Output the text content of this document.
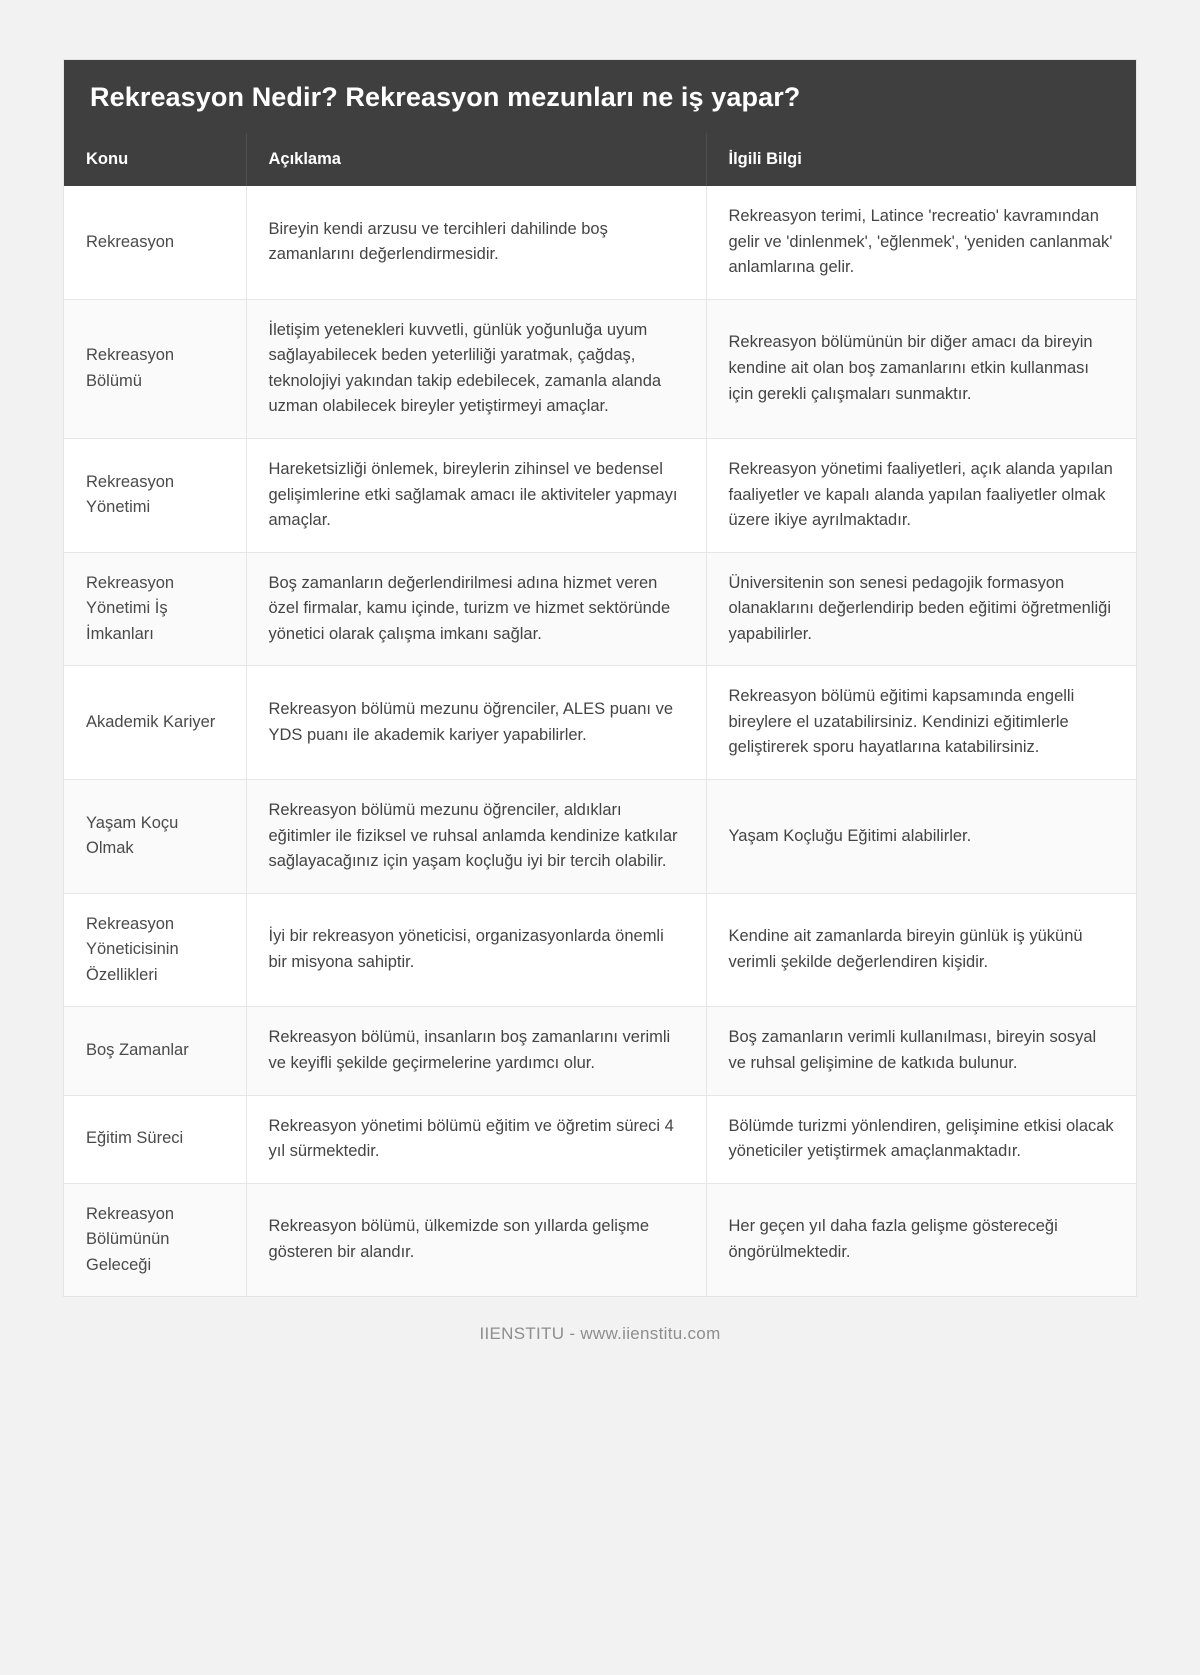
Rekreasyon Nedir? Rekreasyon mezunları ne iş yapar?
Konu	Açıklama	İlgili Bilgi
Rekreasyon	Bireyin kendi arzusu ve tercihleri dahilinde boş zamanlarını değerlendirmesidir.	Rekreasyon terimi, Latince 'recreatio' kavramından gelir ve 'dinlenmek', 'eğlenmek', 'yeniden canlanmak' anlamlarına gelir.
Rekreasyon Bölümü	İletişim yetenekleri kuvvetli, günlük yoğunluğa uyum sağlayabilecek beden yeterliliği yaratmak, çağdaş, teknolojiyi yakından takip edebilecek, zamanla alanda uzman olabilecek bireyler yetiştirmeyi amaçlar.	Rekreasyon bölümünün bir diğer amacı da bireyin kendine ait olan boş zamanlarını etkin kullanması için gerekli çalışmaları sunmaktır.
Rekreasyon Yönetimi	Hareketsizliği önlemek, bireylerin zihinsel ve bedensel gelişimlerine etki sağlamak amacı ile aktiviteler yapmayı amaçlar.	Rekreasyon yönetimi faaliyetleri, açık alanda yapılan faaliyetler ve kapalı alanda yapılan faaliyetler olmak üzere ikiye ayrılmaktadır.
Rekreasyon Yönetimi İş İmkanları	Boş zamanların değerlendirilmesi adına hizmet veren özel firmalar, kamu içinde, turizm ve hizmet sektöründe yönetici olarak çalışma imkanı sağlar.	Üniversitenin son senesi pedagojik formasyon olanaklarını değerlendirip beden eğitimi öğretmenliği yapabilirler.
Akademik Kariyer	Rekreasyon bölümü mezunu öğrenciler, ALES puanı ve YDS puanı ile akademik kariyer yapabilirler.	Rekreasyon bölümü eğitimi kapsamında engelli bireylere el uzatabilirsiniz. Kendinizi eğitimlerle geliştirerek sporu hayatlarına katabilirsiniz.
Yaşam Koçu Olmak	Rekreasyon bölümü mezunu öğrenciler, aldıkları eğitimler ile fiziksel ve ruhsal anlamda kendinize katkılar sağlayacağınız için yaşam koçluğu iyi bir tercih olabilir.	Yaşam Koçluğu Eğitimi alabilirler.
Rekreasyon Yöneticisinin Özellikleri	İyi bir rekreasyon yöneticisi, organizasyonlarda önemli bir misyona sahiptir.	Kendine ait zamanlarda bireyin günlük iş yükünü verimli şekilde değerlendiren kişidir.
Boş Zamanlar	Rekreasyon bölümü, insanların boş zamanlarını verimli ve keyifli şekilde geçirmelerine yardımcı olur.	Boş zamanların verimli kullanılması, bireyin sosyal ve ruhsal gelişimine de katkıda bulunur.
Eğitim Süreci	Rekreasyon yönetimi bölümü eğitim ve öğretim süreci 4 yıl sürmektedir.	Bölümde turizmi yönlendiren, gelişimine etkisi olacak yöneticiler yetiştirmek amaçlanmaktadır.
Rekreasyon Bölümünün Geleceği	Rekreasyon bölümü, ülkemizde son yıllarda gelişme gösteren bir alandır.	Her geçen yıl daha fazla gelişme göstereceği öngörülmektedir.
IIENSTITU - www.iienstitu.com
